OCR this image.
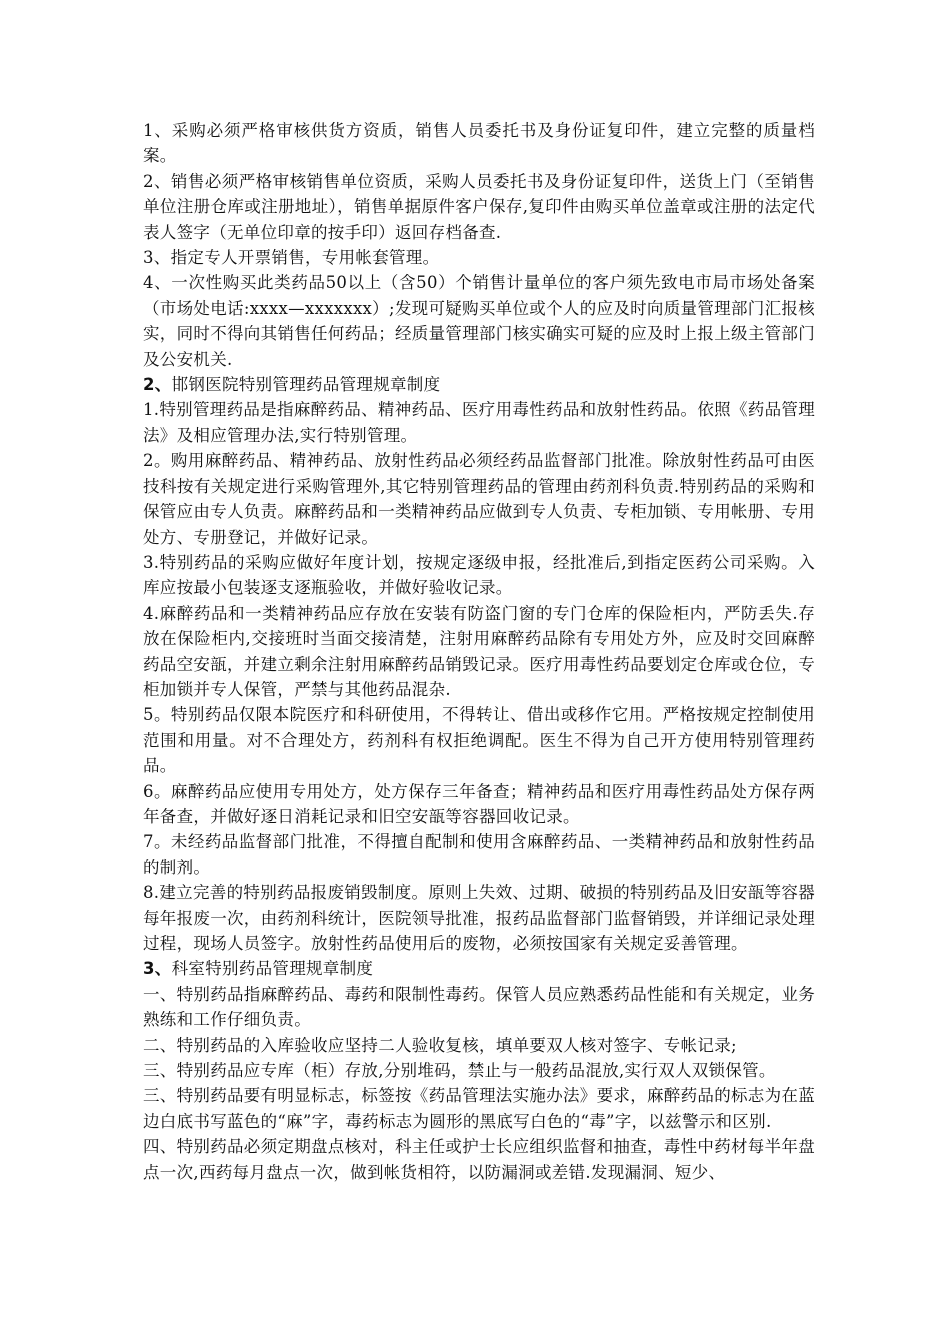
1、采购必须严格审核供货方资质，销售人员委托书及身份证复印件，建立完整的质量档案。

2、销售必须严格审核销售单位资质，采购人员委托书及身份证复印件，送货上门（至销售单位注册仓库或注册地址），销售单据原件客户保存,复印件由购买单位盖章或注册的法定代表人签字（无单位印章的按手印）返回存档备查.

3、指定专人开票销售，专用帐套管理。

4、一次性购买此类药品50以上（含50）个销售计量单位的客户须先致电市局市场处备案（市场处电话:xxxx—xxxxxxx）;发现可疑购买单位或个人的应及时向质量管理部门汇报核实，同时不得向其销售任何药品；经质量管理部门核实确实可疑的应及时上报上级主管部门及公安机关.

2、邯钢医院特别管理药品管理规章制度

1.特别管理药品是指麻醉药品、精神药品、医疗用毒性药品和放射性药品。依照《药品管理法》及相应管理办法,实行特别管理。

2。购用麻醉药品、精神药品、放射性药品必须经药品监督部门批准。除放射性药品可由医技科按有关规定进行采购管理外,其它特别管理药品的管理由药剂科负责.特别药品的采购和保管应由专人负责。麻醉药品和一类精神药品应做到专人负责、专柜加锁、专用帐册、专用处方、专册登记，并做好记录。

3.特别药品的采购应做好年度计划，按规定逐级申报，经批准后,到指定医药公司采购。入库应按最小包装逐支逐瓶验收，并做好验收记录。

4.麻醉药品和一类精神药品应存放在安装有防盗门窗的专门仓库的保险柜内，严防丢失.存放在保险柜内,交接班时当面交接清楚，注射用麻醉药品除有专用处方外，应及时交回麻醉药品空安瓿，并建立剩余注射用麻醉药品销毁记录。医疗用毒性药品要划定仓库或仓位，专柜加锁并专人保管，严禁与其他药品混杂.

5。特别药品仅限本院医疗和科研使用，不得转让、借出或移作它用。严格按规定控制使用范围和用量。对不合理处方，药剂科有权拒绝调配。医生不得为自己开方使用特别管理药品。

6。麻醉药品应使用专用处方，处方保存三年备查；精神药品和医疗用毒性药品处方保存两年备查，并做好逐日消耗记录和旧空安瓿等容器回收记录。

7。未经药品监督部门批准，不得擅自配制和使用含麻醉药品、一类精神药品和放射性药品的制剂。

8.建立完善的特别药品报废销毁制度。原则上失效、过期、破损的特别药品及旧安瓿等容器每年报废一次，由药剂科统计，医院领导批准，报药品监督部门监督销毁，并详细记录处理过程，现场人员签字。放射性药品使用后的废物，必须按国家有关规定妥善管理。

3、科室特别药品管理规章制度

一、特别药品指麻醉药品、毒药和限制性毒药。保管人员应熟悉药品性能和有关规定，业务熟练和工作仔细负责。

二、特别药品的入库验收应坚持二人验收复核，填单要双人核对签字、专帐记录;

三、特别药品应专库（柜）存放,分别堆码，禁止与一般药品混放,实行双人双锁保管。

三、特别药品要有明显标志，标签按《药品管理法实施办法》要求，麻醉药品的标志为在蓝边白底书写蓝色的“麻”字，毒药标志为圆形的黑底写白色的“毒”字，以兹警示和区别.

四、特别药品必须定期盘点核对，科主任或护士长应组织监督和抽查，毒性中药材每半年盘点一次,西药每月盘点一次，做到帐货相符，以防漏洞或差错.发现漏洞、短少、
